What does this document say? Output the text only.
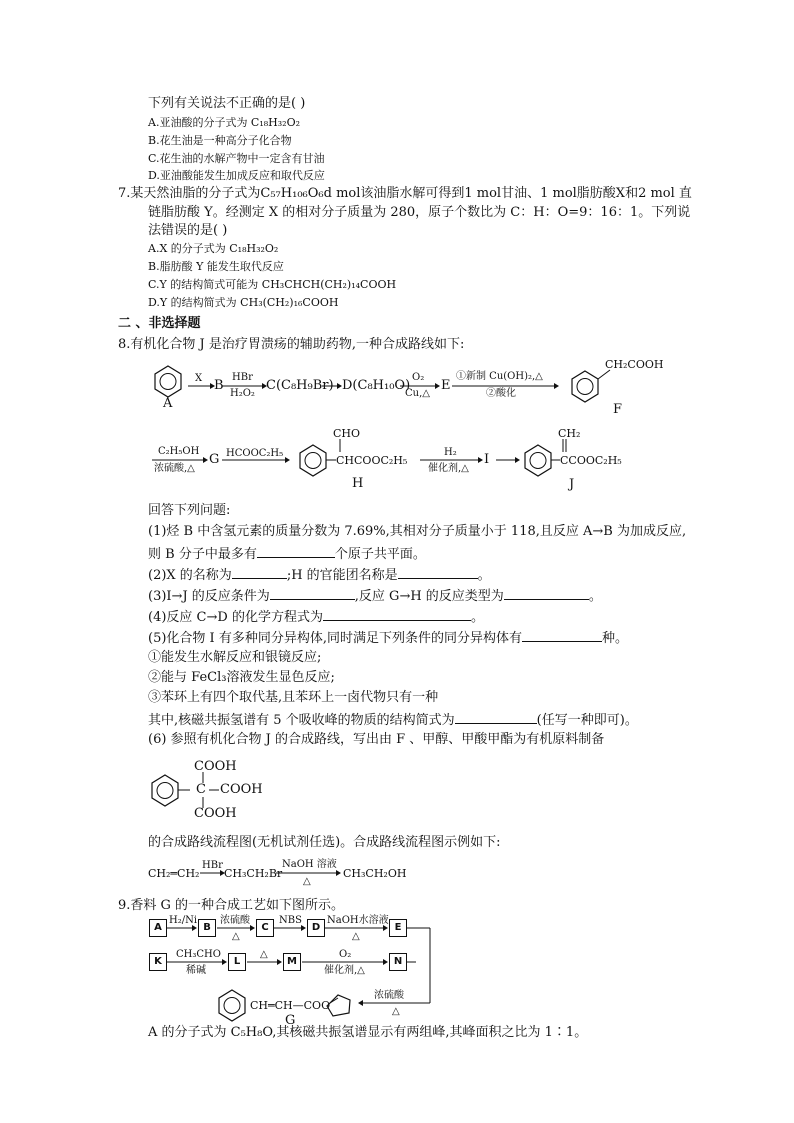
下列有关说法不正确的是( )
A.亚油酸的分子式为 C₁₈H₃₂O₂
B.花生油是一种高分子化合物
C.花生油的水解产物中一定含有甘油
D.亚油酸能发生加成反应和取代反应
7.某天然油脂的分子式为C₅₇H₁₀₆O₆d mol该油脂水解可得到1 mol甘油、1 mol脂肪酸X和2 mol 直
链脂肪酸 Y。经测定 X 的相对分子质量为 280，原子个数比为 C：H：O=9：16：1。下列说
法错误的是( )
A.X 的分子式为 C₁₈H₃₂O₂
B.脂肪酸 Y 能发生取代反应
C.Y 的结构简式可能为 CH₃CHCH(CH₂)₁₄COOH
D.Y 的结构简式为 CH₃(CH₂)₁₆COOH
二 、非选择题
8.有机化合物 J 是治疗胃溃疡的辅助药物,一种合成路线如下:
A
X B
HBr
H₂O₂
C(C₈H₉Br) D(C₈H₁₀O)
O₂
Cu,△
E
①新制 Cu(OH)₂,△
②酸化
CH₂COOH
F
C₂H₅OH
浓硫酸,△
G HCOOC₂H₅
CHO
CHCOOC₂H₅
H
H₂
催化剂,△
I
CH₂
CCOOC₂H₅
J
回答下列问题:
(1)烃 B 中含氢元素的质量分数为 7.69%,其相对分子质量小于 118,且反应 A→B 为加成反应,
则 B 分子中最多有	个原子共平面。
(2)X 的名称为	;H 的官能团名称是	。
(3)I→J 的反应条件为	,反应 G→H 的反应类型为	。
(4)反应 C→D 的化学方程式为	。
(5)化合物 I 有多种同分异构体,同时满足下列条件的同分异构体有	种。
①能发生水解反应和银镜反应;
②能与 FeCl₃溶液发生显色反应;
③苯环上有四个取代基,且苯环上一卤代物只有一种
其中,核磁共振氢谱有 5 个吸收峰的物质的结构简式为	(任写一种即可)。
(6) 参照有机化合物 J 的合成路线，写出由 F 、甲醇、甲酸甲酯为有机原料制备
COOH
C COOH
COOH
的合成路线流程图(无机试剂任选)。合成路线流程图示例如下:
CH₂═CH₂
HBr
CH₃CH₂Br
NaOH 溶液
△
CH₃CH₂OH
9.香料 G 的一种合成工艺如下图所示。
A	B	C	D	E
K	L	M	N
H₂/Ni 浓硫酸
△
NBS	NaOH水溶液
△
CH₃CHO
稀碱
△	O₂
催化剂,△
浓硫酸
△
CH═CH—COO
G
A 的分子式为 C₅H₈O,其核磁共振氢谱显示有两组峰,其峰面积之比为 1∶1。
